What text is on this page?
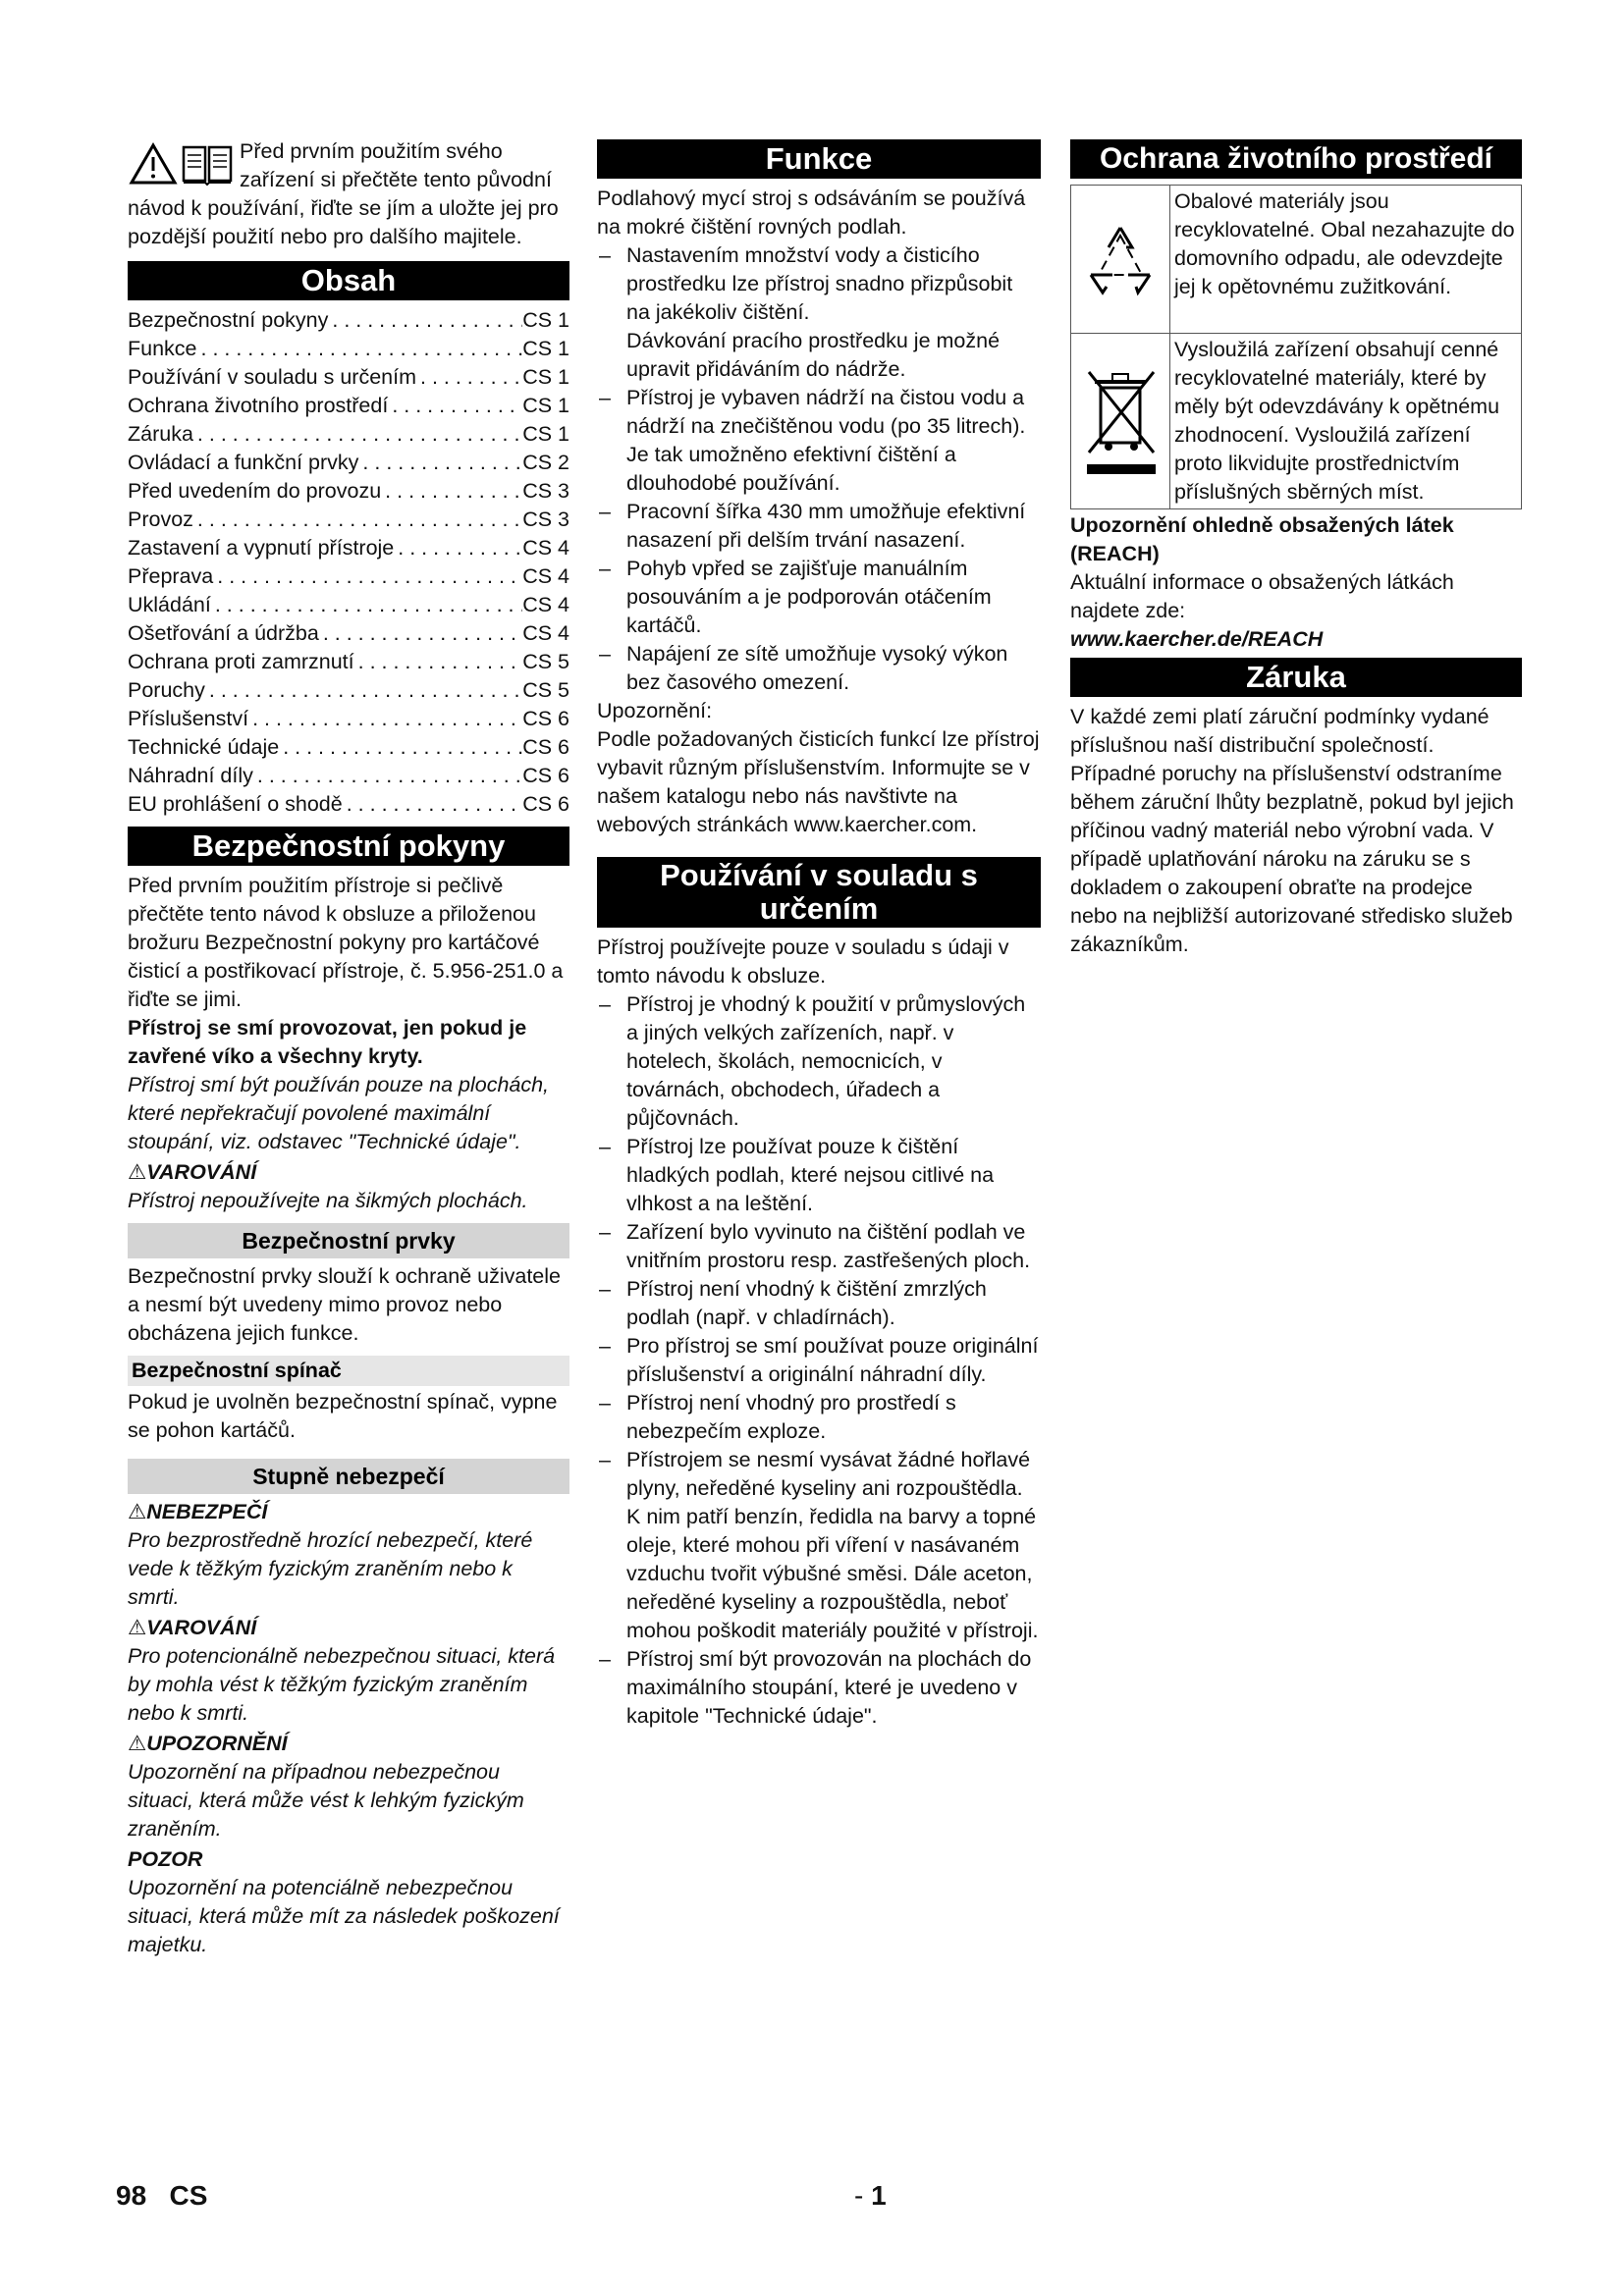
Před prvním použitím svého zařízení si přečtěte tento původní návod k používání, řiďte se jím a uložte jej pro pozdější použití nebo pro dalšího majitele.

Obsah
Bezpečnostní pokyny . . .	CS 1
Funkce . . .	CS 1
Používání v souladu s určením . . .	CS 1
Ochrana životního prostředí . . .	CS 1
Záruka . . .	CS 1
Ovládací a funkční prvky . . .	CS 2
Před uvedením do provozu . . .	CS 3
Provoz . . .	CS 3
Zastavení a vypnutí přístroje . . .	CS 4
Přeprava . . .	CS 4
Ukládání . . .	CS 4
Ošetřování a údržba . . .	CS 4
Ochrana proti zamrznutí . . .	CS 5
Poruchy . . .	CS 5
Příslušenství . . .	CS 6
Technické údaje . . .	CS 6
Náhradní díly . . .	CS 6
EU prohlášení o shodě . . .	CS 6
Bezpečnostní pokyny

Před prvním použitím přístroje si pečlivě přečtěte tento návod k obsluze a přiloženou brožuru Bezpečnostní pokyny pro kartáčové čisticí a postřikovací přístroje, č. 5.956-251.0 a řiďte se jimi.

Přístroj se smí provozovat, jen pokud je zavřené víko a všechny kryty.

Přístroj smí být používán pouze na plochách, které nepřekračují povolené maximální stoupání, viz. odstavec "Technické údaje".

⚠VAROVÁNÍ

Přístroj nepoužívejte na šikmých plochách.

Bezpečnostní prvky

Bezpečnostní prvky slouží k ochraně uživatele a nesmí být uvedeny mimo provoz nebo obcházena jejich funkce.

Bezpečnostní spínač

Pokud je uvolněn bezpečnostní spínač, vypne se pohon kartáčů.

Stupně nebezpečí

⚠NEBEZPEČÍ

Pro bezprostředně hrozící nebezpečí, které vede k těžkým fyzickým zraněním nebo k smrti.

⚠VAROVÁNÍ

Pro potencionálně nebezpečnou situaci, která by mohla vést k těžkým fyzickým zraněním nebo k smrti.

⚠UPOZORNĚNÍ

Upozornění na případnou nebezpečnou situaci, která může vést k lehkým fyzickým zraněním.

POZOR

Upozornění na potenciálně nebezpečnou situaci, která může mít za následek poškození majetku.

Funkce

Podlahový mycí stroj s odsáváním se používá na mokré čištění rovných podlah.

– Nastavením množství vody a čisticího prostředku lze přístroj snadno přizpůsobit na jakékoliv čištění.
Dávkování pracího prostředku je možné upravit přidáváním do nádrže.
– Přístroj je vybaven nádrží na čistou vodu a nádrží na znečištěnou vodu (po 35 litrech). Je tak umožněno efektivní čištění a dlouhodobé používání.
– Pracovní šířka 430 mm umožňuje efektivní nasazení při delším trvání nasazení.
– Pohyb vpřed se zajišťuje manuálním posouváním a je podporován otáčením kartáčů.
– Napájení ze sítě umožňuje vysoký výkon bez časového omezení.

Upozornění:

Podle požadovaných čisticích funkcí lze přístroj vybavit různým příslušenstvím. Informujte se v našem katalogu nebo nás navštivte na webových stránkách www.kaercher.com.

Používání v souladu s určením

Přístroj používejte pouze v souladu s údaji v tomto návodu k obsluze.

– Přístroj je vhodný k použití v průmyslových a jiných velkých zařízeních, např. v hotelech, školách, nemocnicích, v továrnách, obchodech, úřadech a půjčovnách.
– Přístroj lze používat pouze k čištění hladkých podlah, které nejsou citlivé na vlhkost a na leštění.
– Zařízení bylo vyvinuto na čištění podlah ve vnitřním prostoru resp. zastřešených ploch.
– Přístroj není vhodný k čištění zmrzlých podlah (např. v chladírnách).
– Pro přístroj se smí používat pouze originální příslušenství a originální náhradní díly.
– Přístroj není vhodný pro prostředí s nebezpečím exploze.
– Přístrojem se nesmí vysávat žádné hořlavé plyny, neředěné kyseliny ani rozpouštědla.
K nim patří benzín, ředidla na barvy a topné oleje, které mohou při víření v nasávaném vzduchu tvořit výbušné směsi. Dále aceton, neředěné kyseliny a rozpouštědla, neboť mohou poškodit materiály použité v přístroji.
– Přístroj smí být provozován na plochách do maximálního stoupání, které je uvedeno v kapitole "Technické údaje".
Ochrana životního prostředí
Obalové materiály jsou recyklovatelné. Obal nezahazujte do domovního odpadu, ale odevzdejte jej k opětovnému zužitkování.
Vysloužilá zařízení obsahují cenné recyklovatelné materiály, které by měly být odevzdávány k opětnému zhodnocení. Vysloužilá zařízení proto likvidujte prostřednictvím příslušných sběrných míst.

Upozornění ohledně obsažených látek (REACH)

Aktuální informace o obsažených látkách najdete zde:

www.kaercher.de/REACH

Záruka

V každé zemi platí záruční podmínky vydané příslušnou naší distribuční společností. Případné poruchy na příslušenství odstraníme během záruční lhůty bezplatně, pokud byl jejich příčinou vadný materiál nebo výrobní vada. V případě uplatňování nároku na záruku se s dokladem o zakoupení obraťte na prodejce nebo na nejbližší autorizované středisko služeb zákazníkům.

98 CS	- 1
